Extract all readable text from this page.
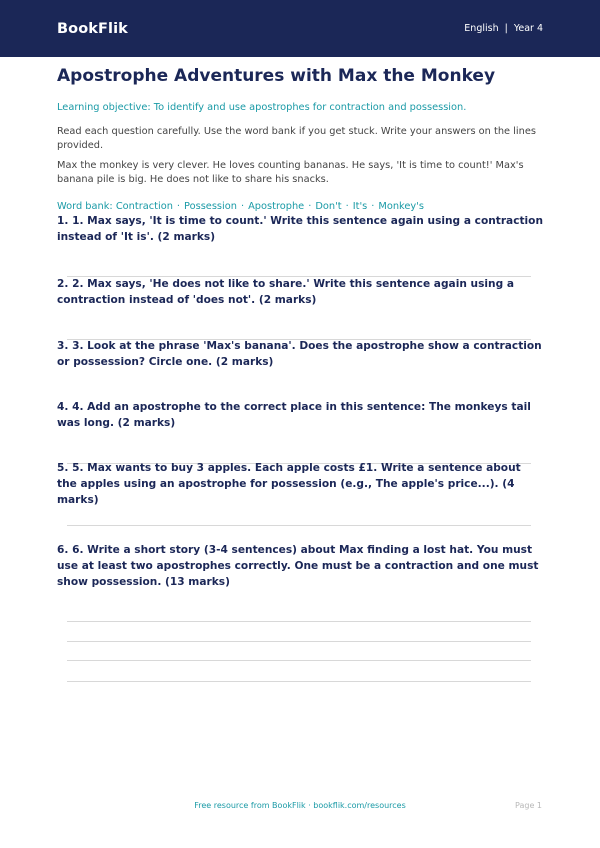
BookFlik	English | Year 4
Apostrophe Adventures with Max the Monkey

Learning objective: To identify and use apostrophes for contraction and possession.

Read each question carefully. Use the word bank if you get stuck. Write your answers on the lines provided.

Max the monkey is very clever. He loves counting bananas. He says, 'It is time to count!' Max's banana pile is big. He does not like to share his snacks.

Word bank: Contraction · Possession · Apostrophe · Don't · It's · Monkey's

1. 1. Max says, 'It is time to count.' Write this sentence again using a contraction instead of 'It is'. (2 marks)
2. 2. Max says, 'He does not like to share.' Write this sentence again using a contraction instead of 'does not'. (2 marks)
3. 3. Look at the phrase 'Max's banana'. Does the apostrophe show a contraction or possession? Circle one. (2 marks)
4. 4. Add an apostrophe to the correct place in this sentence: The monkeys tail was long. (2 marks)
5. 5. Max wants to buy 3 apples. Each apple costs £1. Write a sentence about the apples using an apostrophe for possession (e.g., The apple's price...). (4 marks)
6. 6. Write a short story (3-4 sentences) about Max finding a lost hat. You must use at least two apostrophes correctly. One must be a contraction and one must show possession. (13 marks)
Free resource from BookFlik · bookflik.com/resources	Page 1
